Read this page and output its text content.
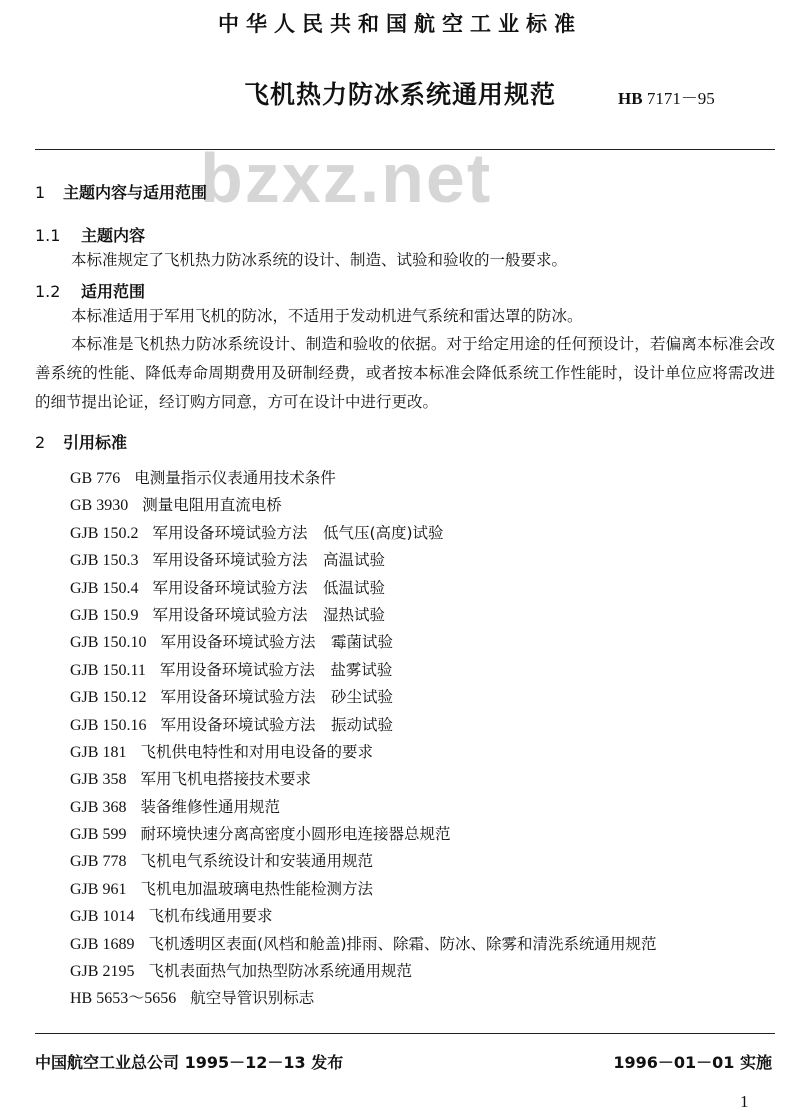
中华人民共和国航空工业标准
飞机热力防冰系统通用规范	HB 7171－95
bzxz.net
1 主题内容与适用范围
1.1 主题内容
本标准规定了飞机热力防冰系统的设计、制造、试验和验收的一般要求。
1.2 适用范围
本标准适用于军用飞机的防冰，不适用于发动机进气系统和雷达罩的防冰。
本标准是飞机热力防冰系统设计、制造和验收的依据。对于给定用途的任何预设计，若偏离本标准会改善系统的性能、降低寿命周期费用及研制经费，或者按本标准会降低系统工作性能时，设计单位应将需改进的细节提出论证，经订购方同意，方可在设计中进行更改。
2 引用标准
GB 776 电测量指示仪表通用技术条件
GB 3930 测量电阻用直流电桥
GJB 150.2 军用设备环境试验方法　低气压(高度)试验
GJB 150.3 军用设备环境试验方法　高温试验
GJB 150.4 军用设备环境试验方法　低温试验
GJB 150.9 军用设备环境试验方法　湿热试验
GJB 150.10 军用设备环境试验方法　霉菌试验
GJB 150.11 军用设备环境试验方法　盐雾试验
GJB 150.12 军用设备环境试验方法　砂尘试验
GJB 150.16 军用设备环境试验方法　振动试验
GJB 181 飞机供电特性和对用电设备的要求
GJB 358 军用飞机电搭接技术要求
GJB 368 装备维修性通用规范
GJB 599 耐环境快速分离高密度小圆形电连接器总规范
GJB 778 飞机电气系统设计和安装通用规范
GJB 961 飞机电加温玻璃电热性能检测方法
GJB 1014 飞机布线通用要求
GJB 1689 飞机透明区表面(风档和舱盖)排雨、除霜、防冰、除雾和清洗系统通用规范
GJB 2195 飞机表面热气加热型防冰系统通用规范
HB 5653～5656 航空导管识别标志
中国航空工业总公司 1995－12－13 发布	1996－01－01 实施
1
